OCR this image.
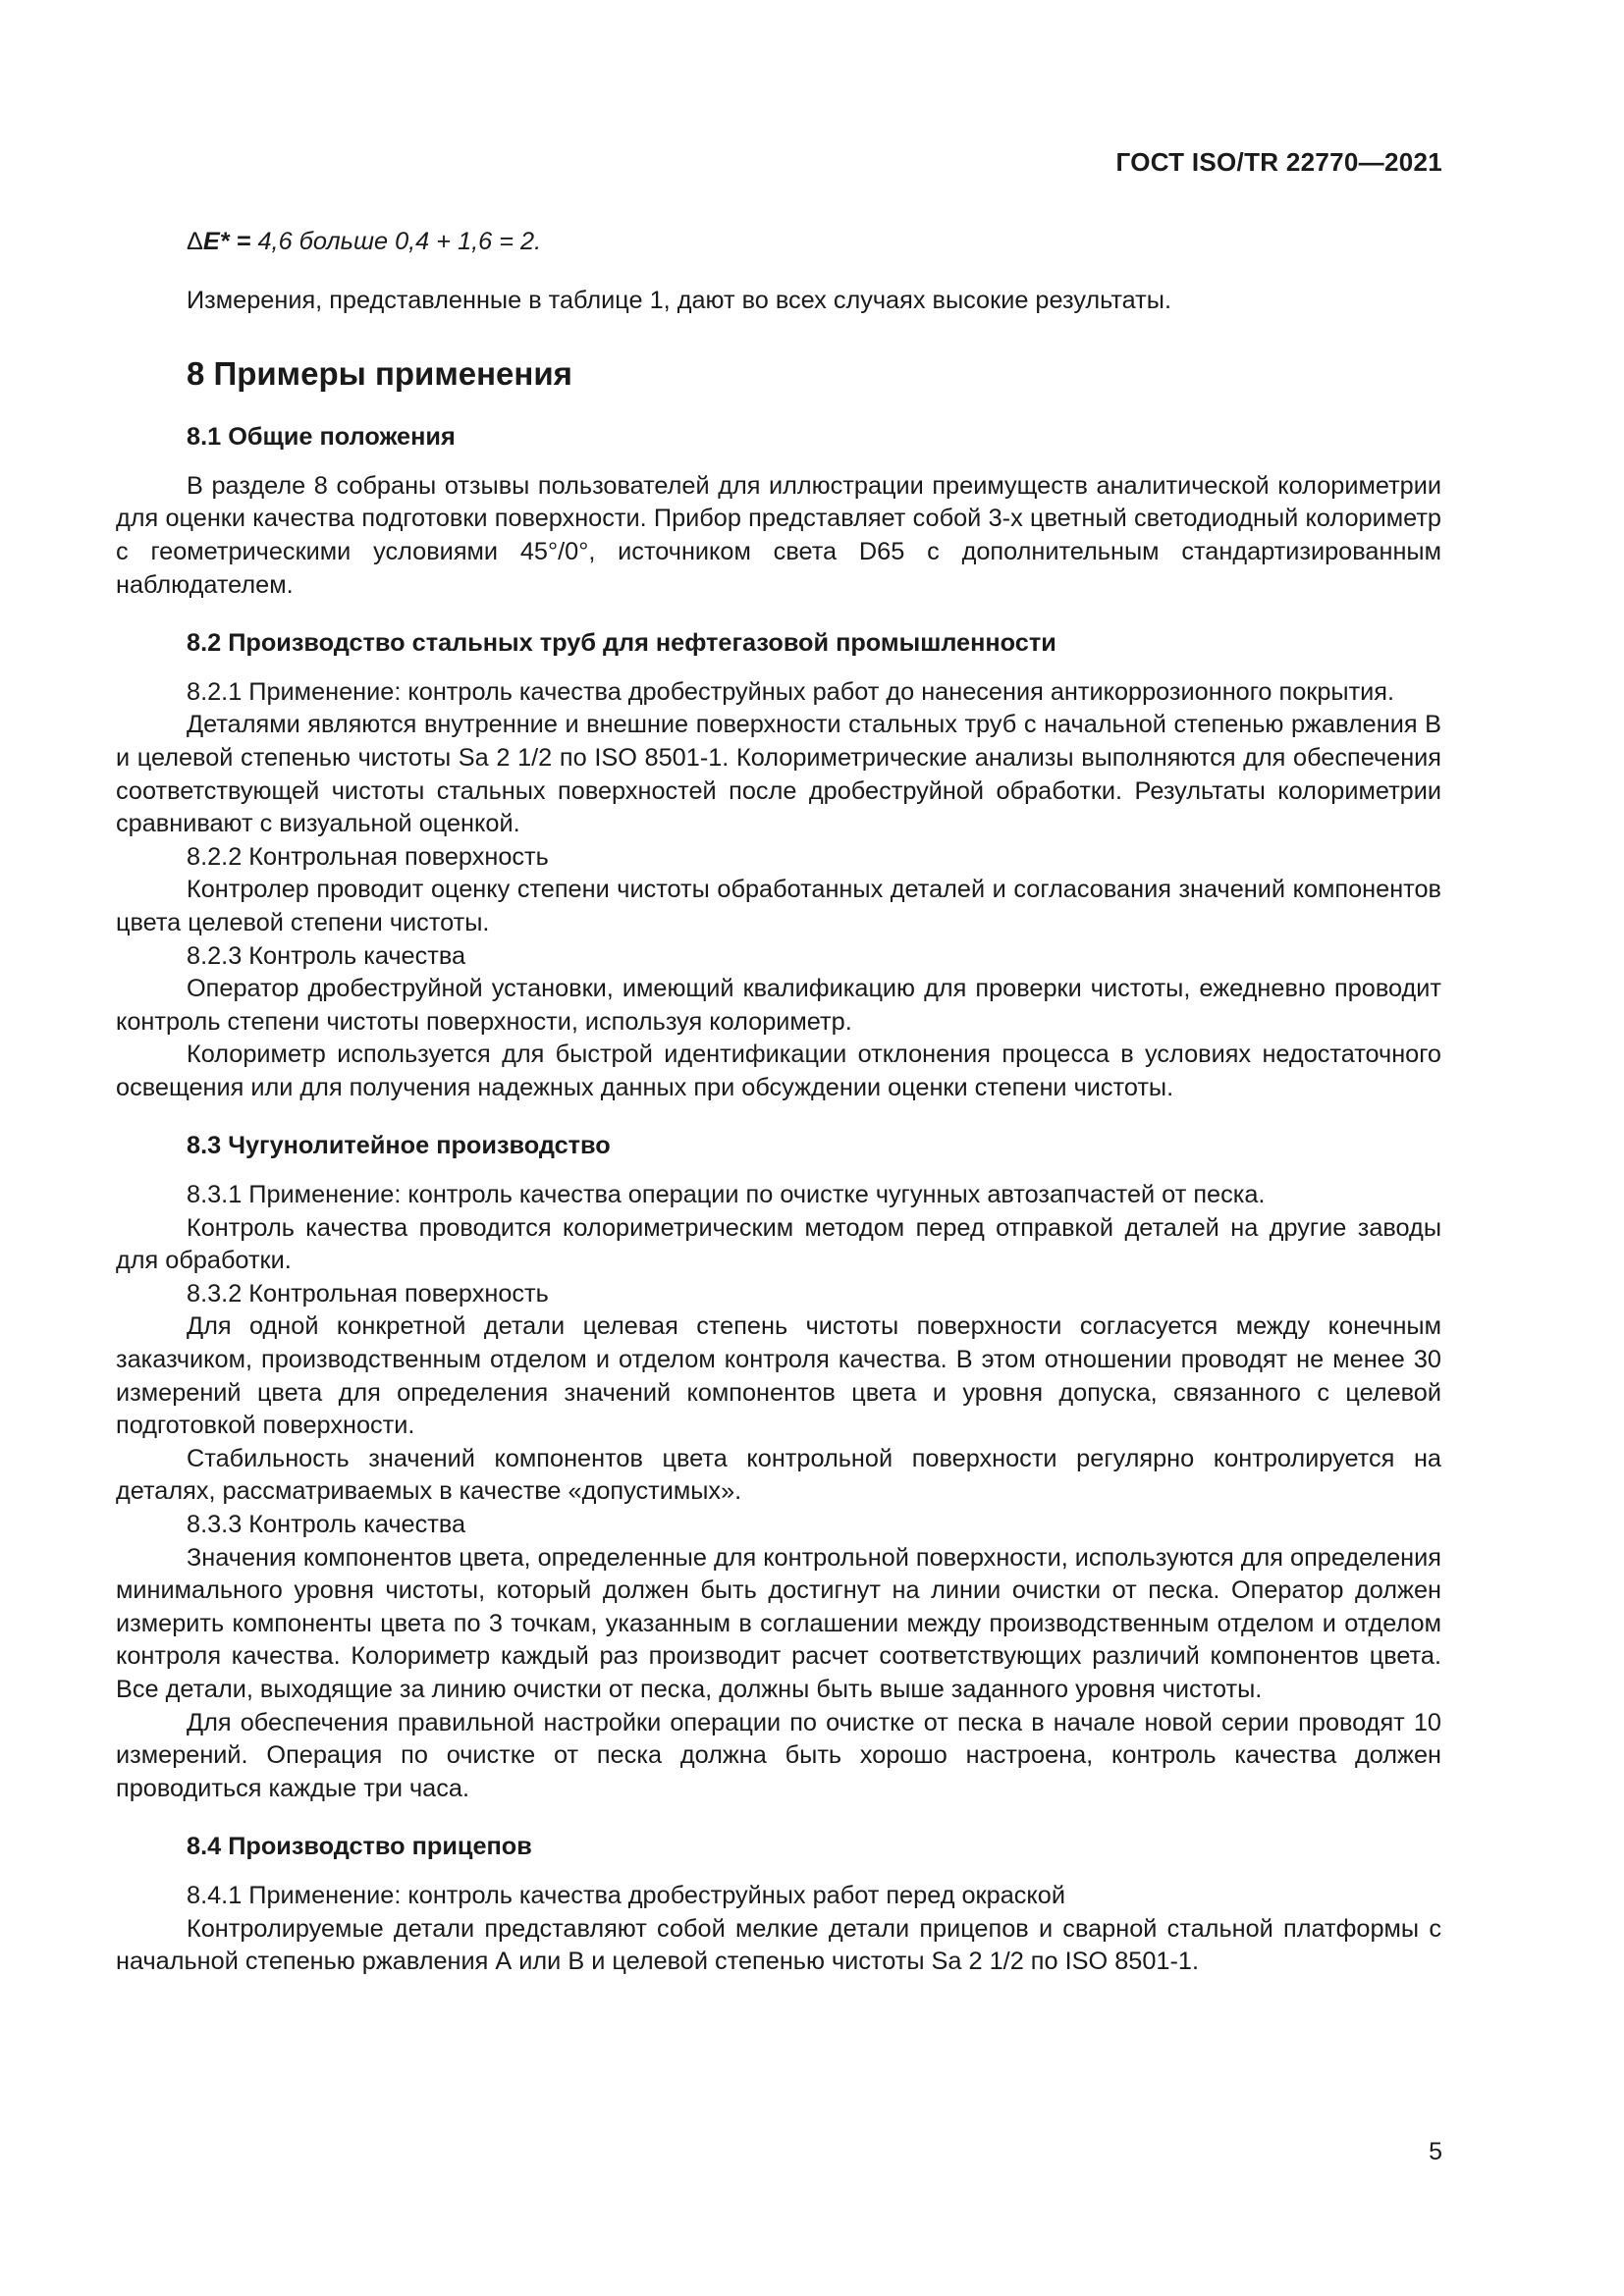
ГОСТ ISO/TR 22770—2021

ΔE* = 4,6 больше 0,4 + 1,6 = 2.

Измерения, представленные в таблице 1, дают во всех случаях высокие результаты.

8 Примеры применения

8.1 Общие положения

В разделе 8 собраны отзывы пользователей для иллюстрации преимуществ аналитической колориметрии для оценки качества подготовки поверхности. Прибор представляет собой 3-х цветный светодиодный колориметр с геометрическими условиями 45°/0°, источником света D65 с дополнительным стандартизированным наблюдателем.

8.2 Производство стальных труб для нефтегазовой промышленности

8.2.1 Применение: контроль качества дробеструйных работ до нанесения антикоррозионного покрытия.

Деталями являются внутренние и внешние поверхности стальных труб с начальной степенью ржавления В и целевой степенью чистоты Sa 2 1/2 по ISO 8501-1. Колориметрические анализы выполняются для обеспечения соответствующей чистоты стальных поверхностей после дробеструйной обработки. Результаты колориметрии сравнивают с визуальной оценкой.

8.2.2 Контрольная поверхность

Контролер проводит оценку степени чистоты обработанных деталей и согласования значений компонентов цвета целевой степени чистоты.

8.2.3 Контроль качества

Оператор дробеструйной установки, имеющий квалификацию для проверки чистоты, ежедневно проводит контроль степени чистоты поверхности, используя колориметр.

Колориметр используется для быстрой идентификации отклонения процесса в условиях недостаточного освещения или для получения надежных данных при обсуждении оценки степени чистоты.

8.3 Чугунолитейное производство

8.3.1 Применение: контроль качества операции по очистке чугунных автозапчастей от песка.

Контроль качества проводится колориметрическим методом перед отправкой деталей на другие заводы для обработки.

8.3.2 Контрольная поверхность

Для одной конкретной детали целевая степень чистоты поверхности согласуется между конечным заказчиком, производственным отделом и отделом контроля качества. В этом отношении проводят не менее 30 измерений цвета для определения значений компонентов цвета и уровня допуска, связанного с целевой подготовкой поверхности.

Стабильность значений компонентов цвета контрольной поверхности регулярно контролируется на деталях, рассматриваемых в качестве «допустимых».

8.3.3 Контроль качества

Значения компонентов цвета, определенные для контрольной поверхности, используются для определения минимального уровня чистоты, который должен быть достигнут на линии очистки от песка. Оператор должен измерить компоненты цвета по 3 точкам, указанным в соглашении между производственным отделом и отделом контроля качества. Колориметр каждый раз производит расчет соответствующих различий компонентов цвета. Все детали, выходящие за линию очистки от песка, должны быть выше заданного уровня чистоты.

Для обеспечения правильной настройки операции по очистке от песка в начале новой серии проводят 10 измерений. Операция по очистке от песка должна быть хорошо настроена, контроль качества должен проводиться каждые три часа.

8.4 Производство прицепов

8.4.1 Применение: контроль качества дробеструйных работ перед окраской

Контролируемые детали представляют собой мелкие детали прицепов и сварной стальной платформы с начальной степенью ржавления А или В и целевой степенью чистоты Sa 2 1/2 по ISO 8501-1.

5
